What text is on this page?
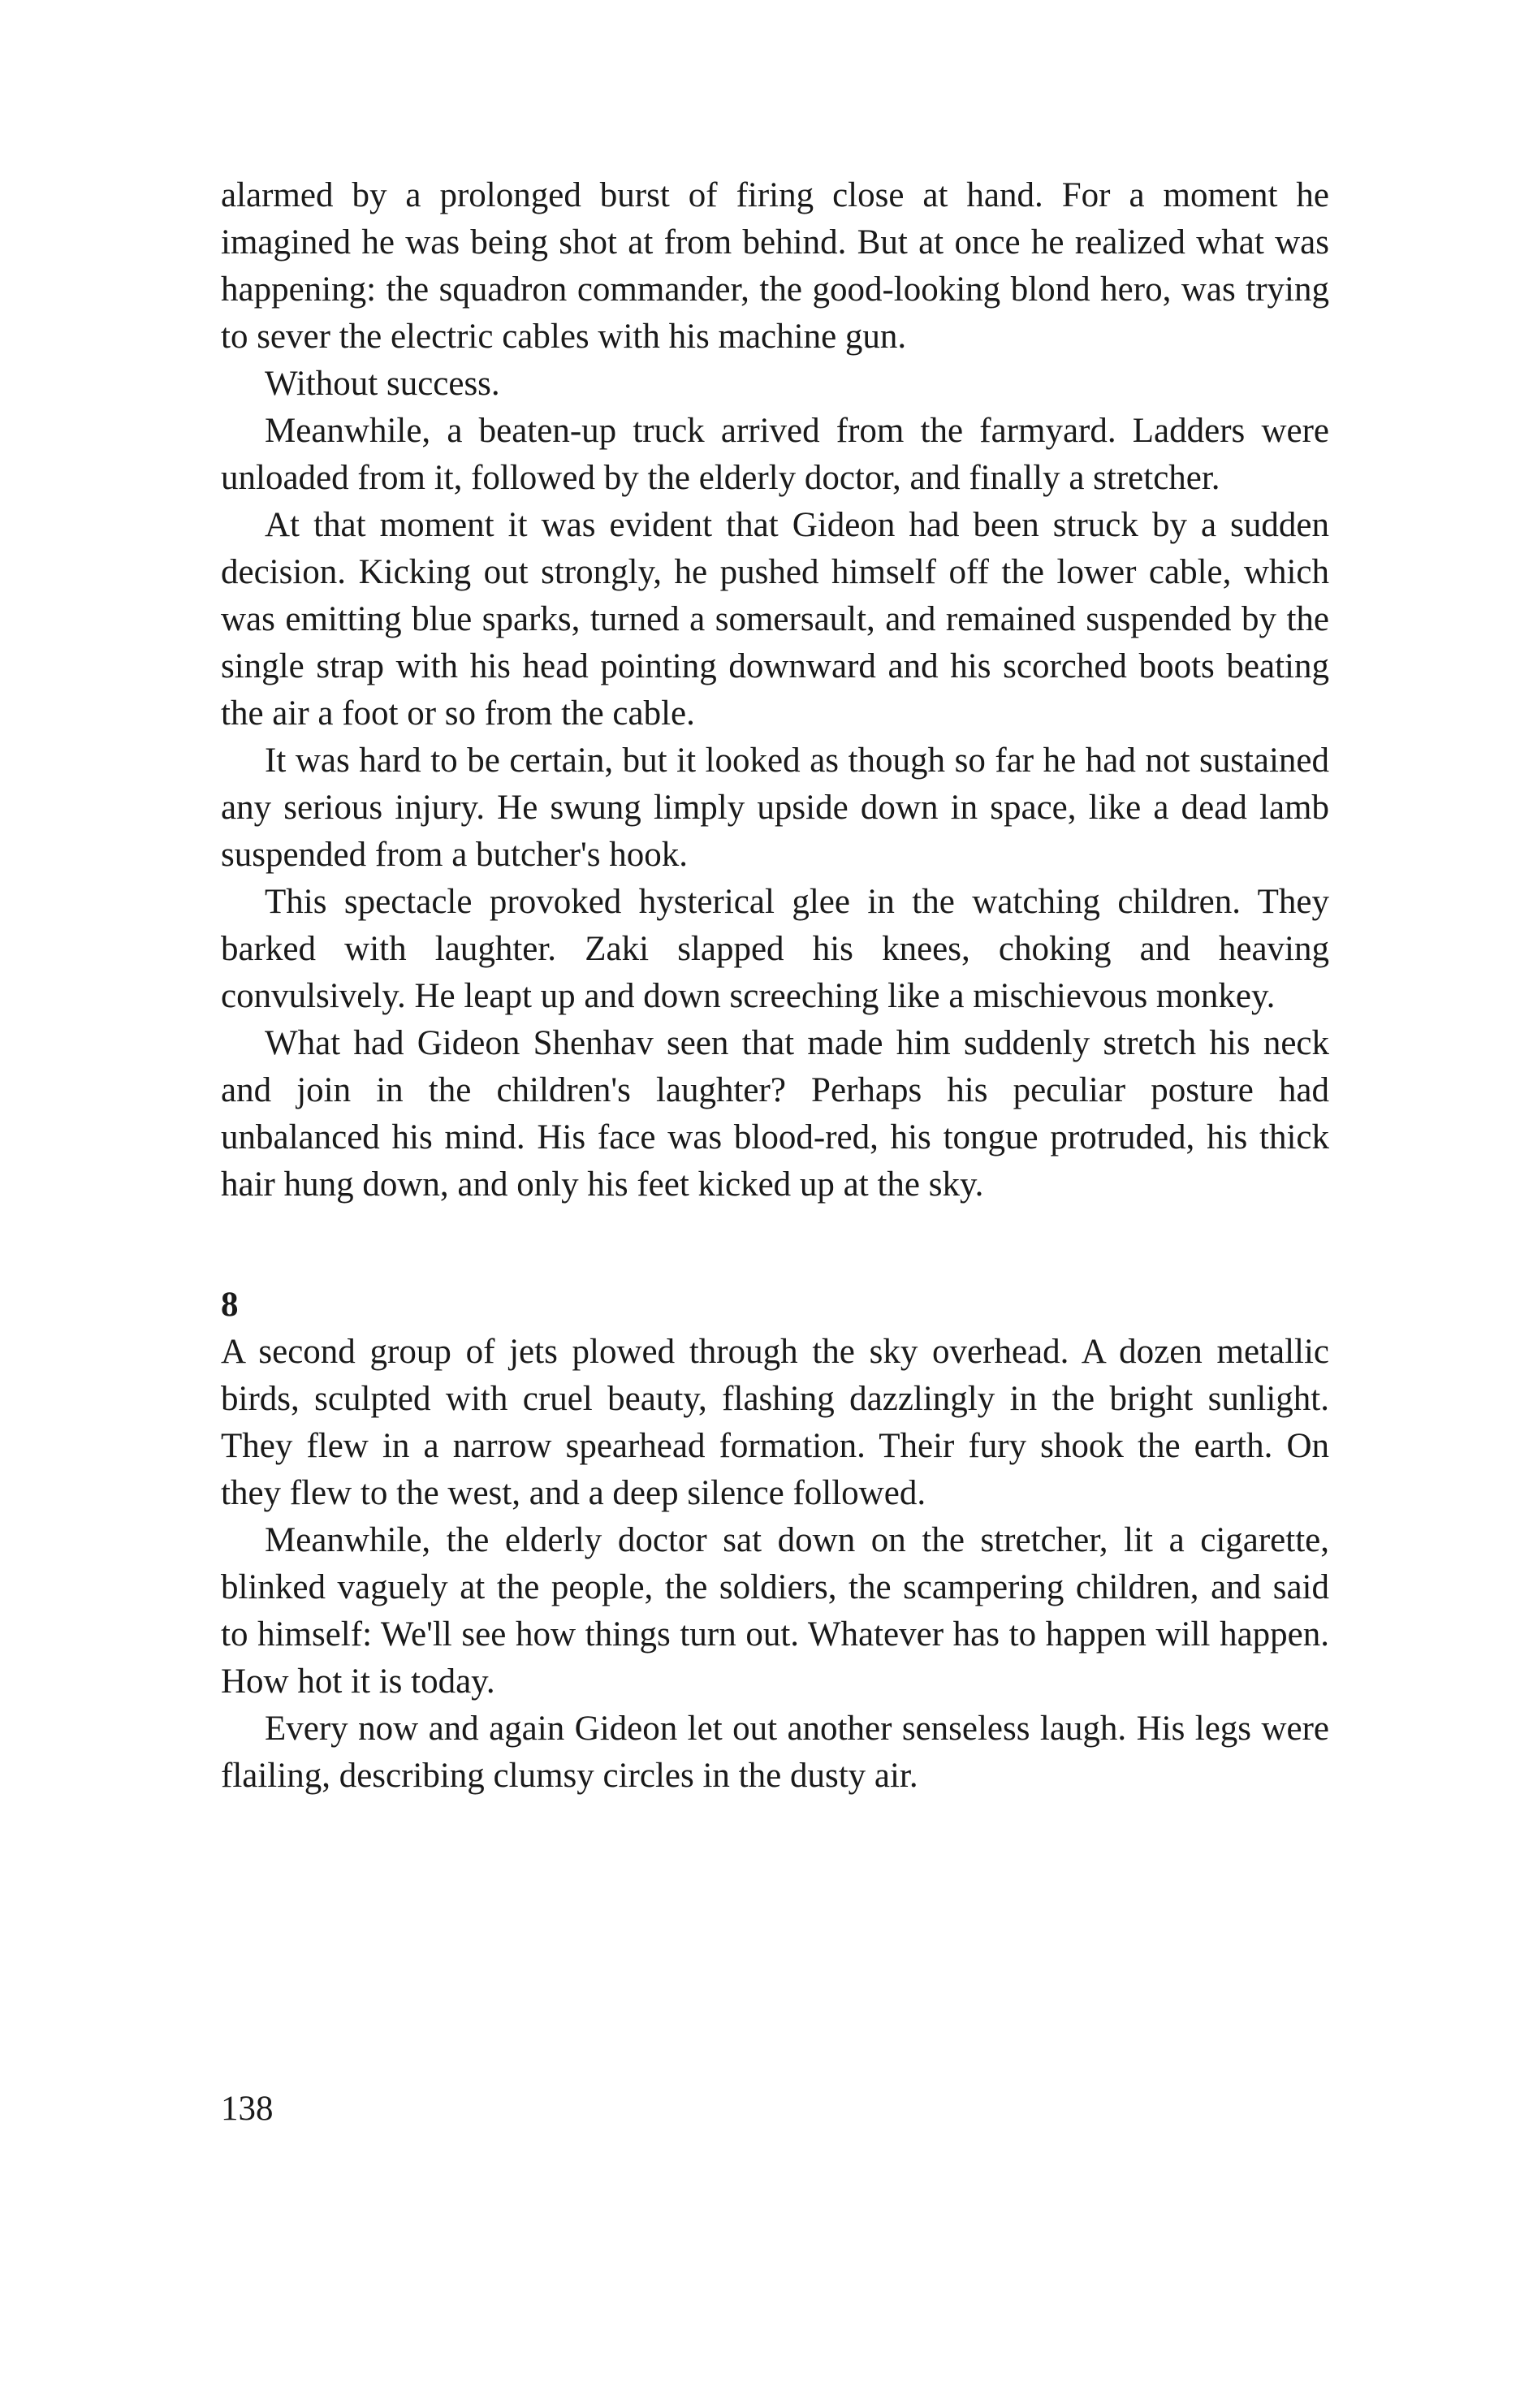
alarmed by a prolonged burst of firing close at hand. For a moment he imagined he was being shot at from behind. But at once he realized what was happening: the squadron commander, the good-looking blond hero, was trying to sever the electric cables with his machine gun.

Without success.

Meanwhile, a beaten-up truck arrived from the farmyard. Ladders were unloaded from it, followed by the elderly doctor, and finally a stretcher.

At that moment it was evident that Gideon had been struck by a sudden decision. Kicking out strongly, he pushed himself off the lower cable, which was emitting blue sparks, turned a somersault, and remained suspended by the single strap with his head pointing downward and his scorched boots beating the air a foot or so from the cable.

It was hard to be certain, but it looked as though so far he had not sustained any serious injury. He swung limply upside down in space, like a dead lamb suspended from a butcher's hook.

This spectacle provoked hysterical glee in the watching children. They barked with laughter. Zaki slapped his knees, choking and heaving convulsively. He leapt up and down screeching like a mischievous monkey.

What had Gideon Shenhav seen that made him suddenly stretch his neck and join in the children's laughter? Perhaps his peculiar posture had unbalanced his mind. His face was blood-red, his tongue protruded, his thick hair hung down, and only his feet kicked up at the sky.

8

A second group of jets plowed through the sky overhead. A dozen metallic birds, sculpted with cruel beauty, flashing dazzlingly in the bright sunlight. They flew in a narrow spearhead formation. Their fury shook the earth. On they flew to the west, and a deep silence followed.

Meanwhile, the elderly doctor sat down on the stretcher, lit a cigarette, blinked vaguely at the people, the soldiers, the scampering children, and said to himself: We'll see how things turn out. Whatever has to happen will happen. How hot it is today.

Every now and again Gideon let out another senseless laugh. His legs were flailing, describing clumsy circles in the dusty air.

138
